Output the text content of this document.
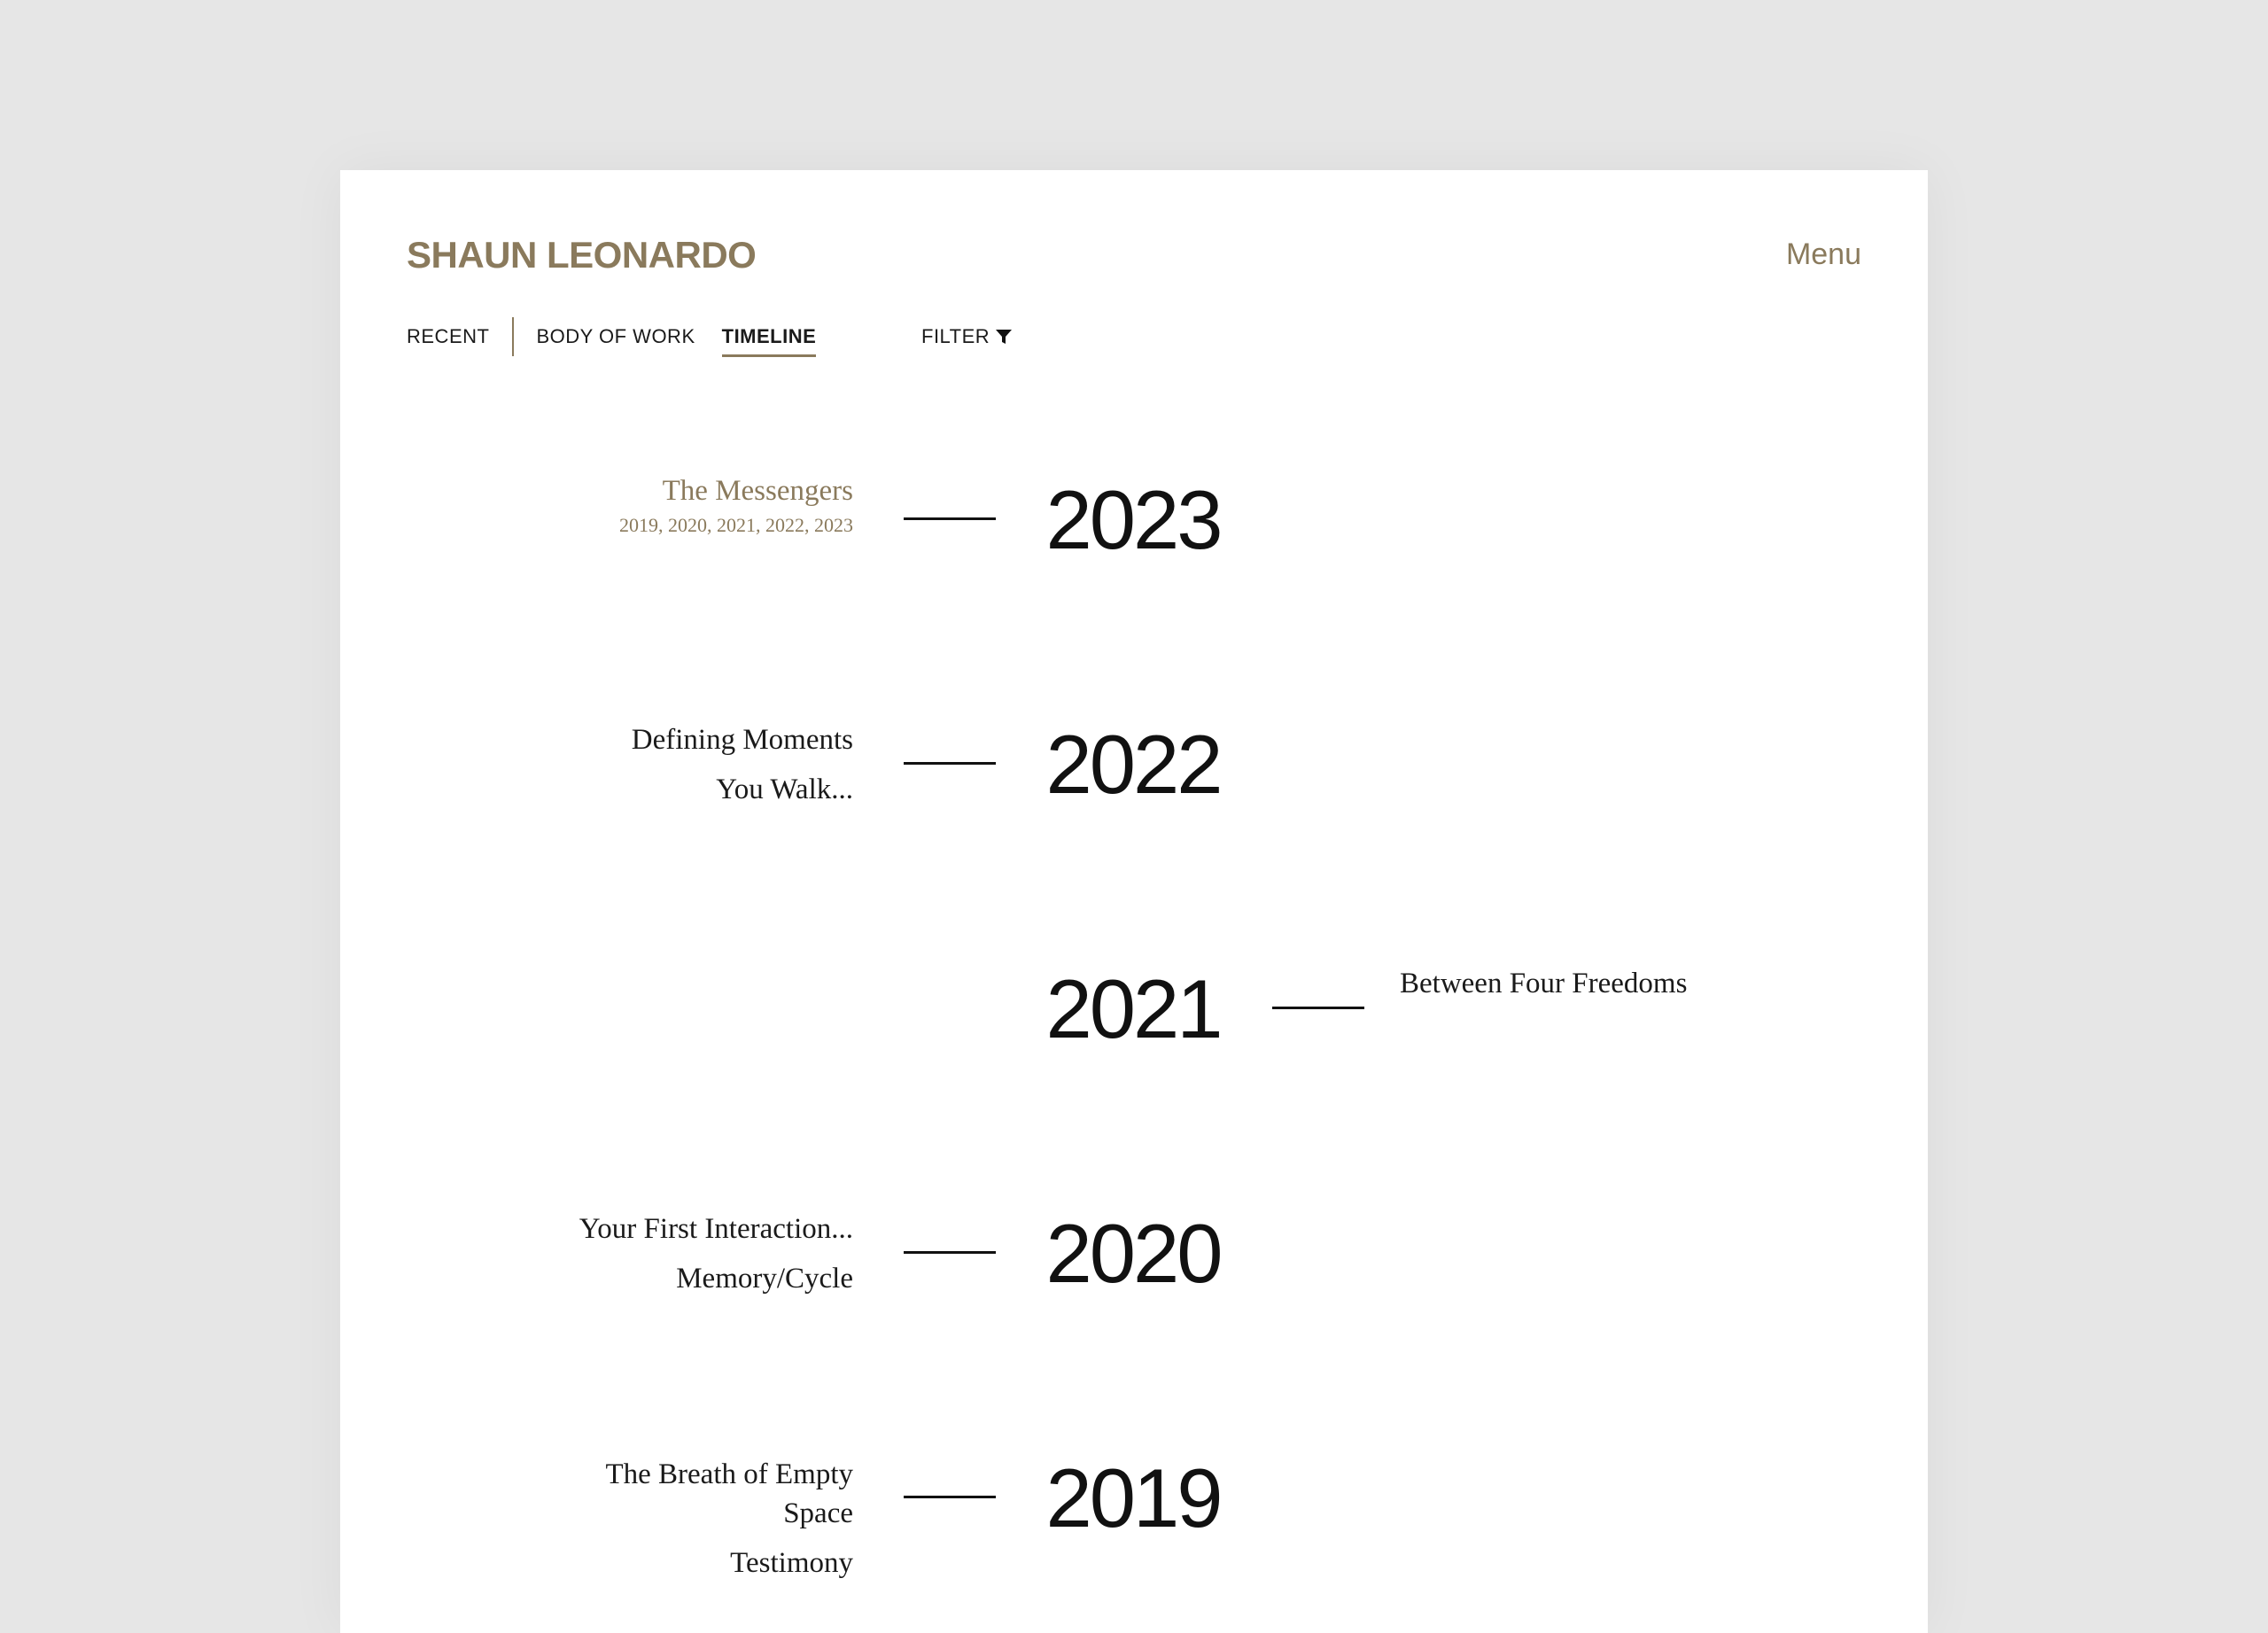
SHAUN LEONARDO	Menu
RECENT BODY OF WORK TIMELINE	FILTER
The Messengers
2019, 2020, 2021, 2022, 2023 2023
Defining Moments
You Walk... 2022
2021	Between Four Freedoms
Your First Interaction...
Memory/Cycle 2020
The Breath of Empty Space
Testimony
2019
